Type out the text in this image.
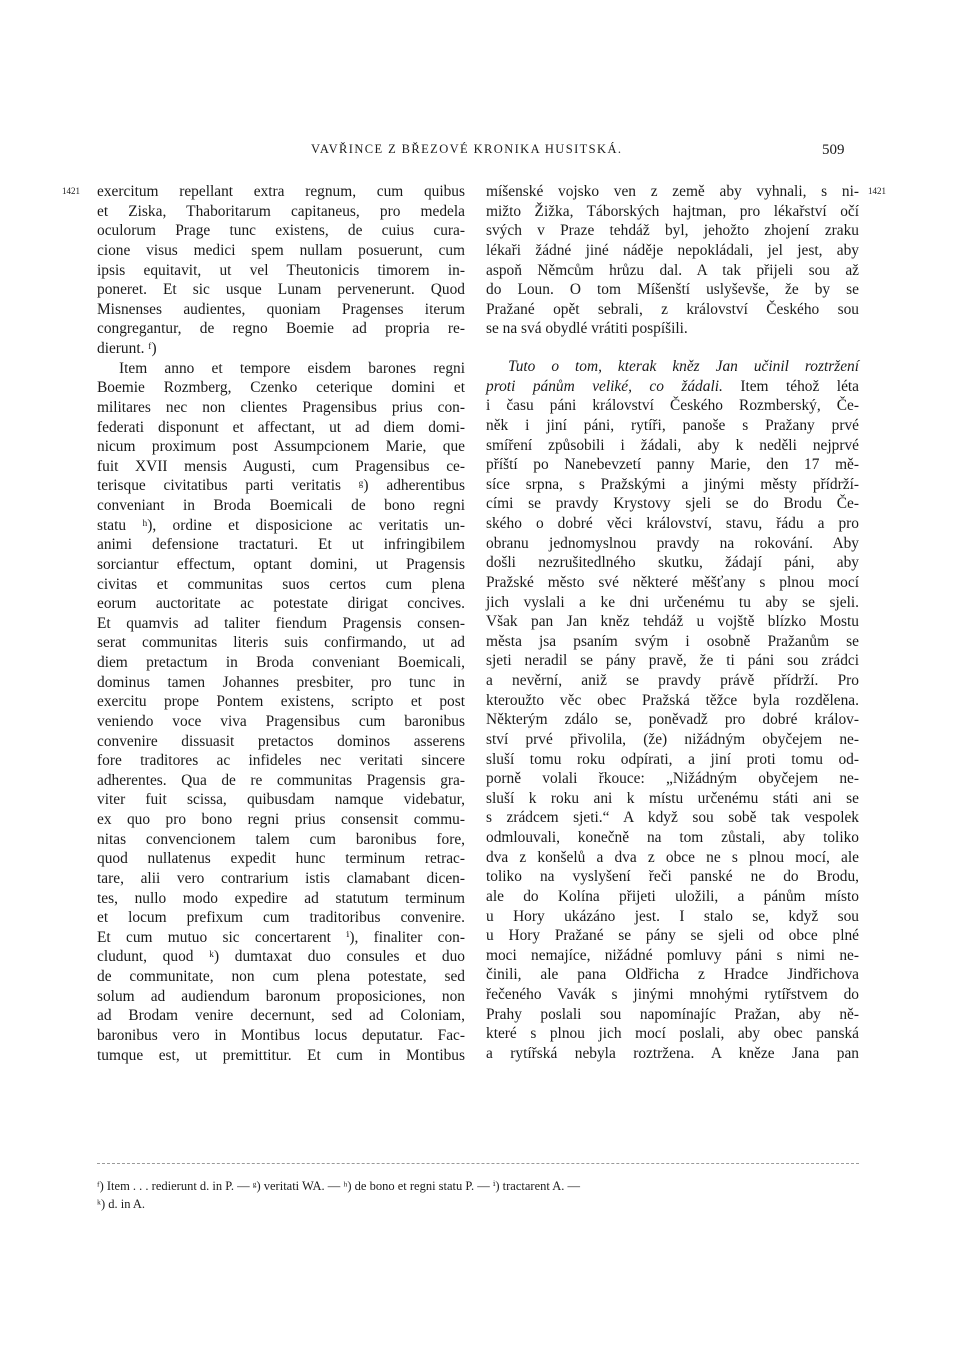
VAVŘINCE Z BŘEZOVÉ KRONIKA HUSITSKÁ.	509
1421	1421
exercitum repellant extra regnum, cum quibus
et Ziska, Thaboritarum capitaneus, pro medela
oculorum Prage tunc existens, de cuius cura-
cione visus medici spem nullam posuerunt, cum
ipsis equitavit, ut vel Theutonicis timorem in-
poneret. Et sic usque Lunam pervenerunt. Quod
Misnenses audientes, quoniam Pragenses iterum
congregantur, de regno Boemie ad propria re-
dierunt. ᶠ)
Item anno et tempore eisdem barones regni
Boemie Rozmberg, Czenko ceterique domini et
militares nec non clientes Pragensibus prius con-
federati disponunt et affectant, ut ad diem domi-
nicum proximum post Assumpcionem Marie, que
fuit XVII mensis Augusti, cum Pragensibus ce-
terisque civitatibus parti veritatis ᵍ) adherentibus
conveniant in Broda Boemicali de bono regni
statu ʰ), ordine et disposicione ac veritatis un-
animi defensione tractaturi. Et ut infringibilem
sorciantur effectum, optant domini, ut Pragensis
civitas et communitas suos certos cum plena
eorum auctoritate ac potestate dirigat concives.
Et quamvis ad taliter fiendum Pragensis consen-
serat communitas literis suis confirmando, ut ad
diem pretactum in Broda conveniant Boemicali,
dominus tamen Johannes presbiter, pro tunc in
exercitu prope Pontem existens, scripto et post
veniendo voce viva Pragensibus cum baronibus
convenire dissuasit pretactos dominos asserens
fore traditores ac infideles nec veritati sincere
adherentes. Qua de re communitas Pragensis gra-
viter fuit scissa, quibusdam namque videbatur,
ex quo pro bono regni prius consensit commu-
nitas convencionem talem cum baronibus fore,
quod nullatenus expedit hunc terminum retrac-
tare, alii vero contrarium istis clamabant dicen-
tes, nullo modo expedire ad statutum terminum
et locum prefixum cum traditoribus convenire.
Et cum mutuo sic concertarent ⁱ), finaliter con-
cludunt, quod ᵏ) dumtaxat duo consules et duo
de communitate, non cum plena potestate, sed
solum ad audiendum baronum proposiciones, non
ad Brodam venire decernunt, sed ad Coloniam,
baronibus vero in Montibus locus deputatur. Fac-
tumque est, ut premittitur. Et cum in Montibus
míšenské vojsko ven z země aby vyhnali, s ni-
mižto Žižka, Táborských hajtman, pro lékařství očí
svých v Praze tehdáž byl, jehožto zhojení zraku
lékaři žádné jiné náděje nepokládali, jel jest, aby
aspoň Němcům hrůzu dal. A tak přijeli sou až
do Loun. O tom Míšenští uslyševše, že by se
Pražané opět sebrali, z království Českého sou
se na svá obydlé vrátiti pospíšili.
Tuto o tom, kterak kněz Jan učinil roztržení
proti pánům veliké, co žádali. Item téhož léta
i času páni království Českého Rozmberský, Če-
něk i jiní páni, rytíři, panoše s Pražany prvé
smíření způsobili i žádali, aby k neděli nejprvé
příští po Nanebevzetí panny Marie, den 17 mě-
síce srpna, s Pražskými a jinými městy přídrží-
cími se pravdy Krystovy sjeli se do Brodu Če-
ského o dobré věci království, stavu, řádu a pro
obranu jednomyslnou pravdy na rokování. Aby
došli nezrušitedlného skutku, žádají páni, aby
Pražské město své některé měšťany s plnou mocí
jich vyslali a ke dni určenému tu aby se sjeli.
Však pan Jan kněz tehdáž u vojště blízko Mostu
města jsa psaním svým i osobně Pražanům se
sjeti neradil se pány pravě, že ti páni sou zrádci
a nevěrní, aniž se pravdy právě přídrží. Pro
kteroužto věc obec Pražská těžce byla rozdělena.
Některým zdálo se, poněvadž pro dobré králov-
ství prvé přivolila, (že) nižádným obyčejem ne-
sluší tomu roku odpírati, a jiní proti tomu od-
porně volali řkouce: „Nižádným obyčejem ne-
sluší k roku ani k místu určenému státi ani se
s zrádcem sjeti.“ A když sou sobě tak vespolek
odmlouvali, konečně na tom zůstali, aby toliko
dva z konšelů a dva z obce ne s plnou mocí, ale
toliko na vyslyšení řeči panské ne do Brodu,
ale do Kolína přijeti uložili, a pánům místo
u Hory ukázáno jest. I stalo se, když sou
u Hory Pražané se pány se sjeli od obce plné
moci nemajíce, nižádné pomluvy páni s nimi ne-
činili, ale pana Oldřicha z Hradce Jindřichova
řečeného Vavák s jinými mnohými rytířstvem do
Prahy poslali sou napomínajíc Pražan, aby ně-
které s plnou jich mocí poslali, aby obec panská
a rytířská nebyla roztržena. A kněze Jana pan
ᶠ) Item . . . redierunt d. in P. — ᵍ) veritati WA. — ʰ) de bono et regni statu P. — ⁱ) tractarent A. —
ᵏ) d. in A.
